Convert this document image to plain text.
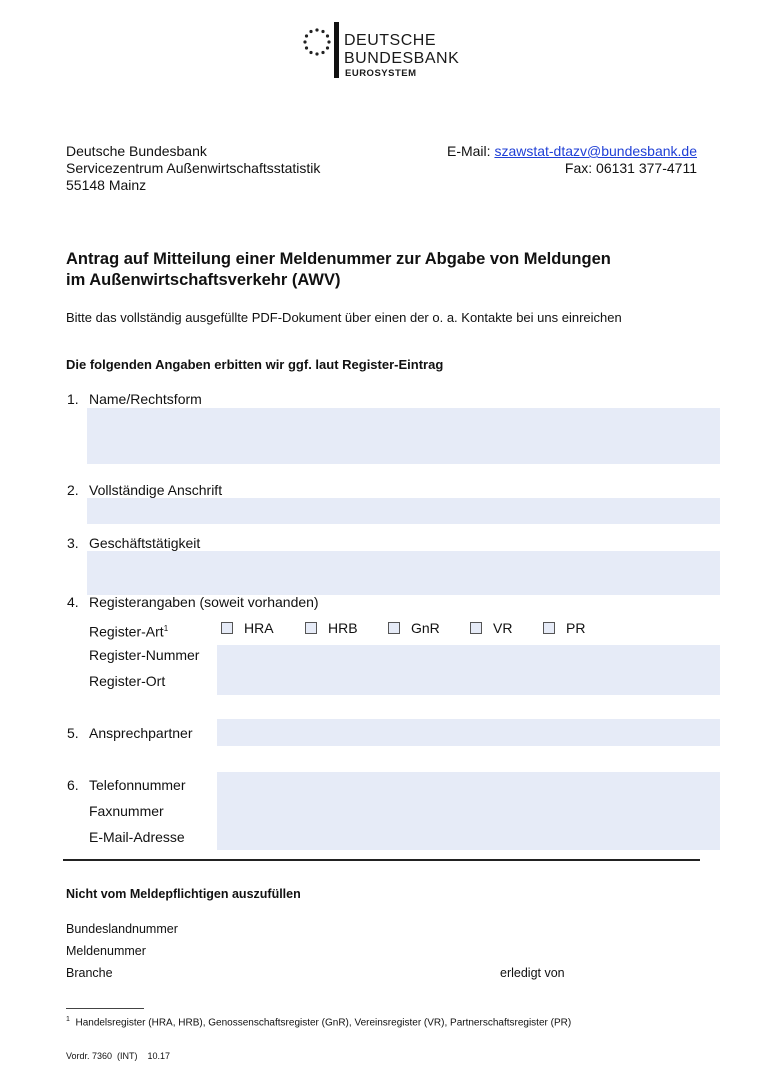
DEUTSCHE
BUNDESBANK
EUROSYSTEM
Deutsche Bundesbank
Servicezentrum Außenwirtschaftsstatistik
55148 Mainz
E-Mail: szawstat-dtazv@bundesbank.de
Fax: 06131 377-4711
Antrag auf Mitteilung einer Meldenummer zur Abgabe von Meldungen
im Außenwirtschaftsverkehr (AWV)
Bitte das vollständig ausgefüllte PDF-Dokument über einen der o. a. Kontakte bei uns einreichen
Die folgenden Angaben erbitten wir ggf. laut Register-Eintrag
1. Name/Rechtsform
2. Vollständige Anschrift
3. Geschäftstätigkeit
4. Registerangaben (soweit vorhanden)
Register-Art$^1$	HRA	HRB	GnR	VR	PR
Register-Nummer
Register-Ort
5. Ansprechpartner
6. Telefonnummer
Faxnummer
E-Mail-Adresse
Nicht vom Meldepflichtigen auszufüllen
Bundeslandnummer
Meldenummer
Branche	erledigt von
$^1$ Handelsregister (HRA, HRB), Genossenschaftsregister (GnR), Vereinsregister (VR), Partnerschaftsregister (PR)
Vordr. 7360  (INT)    10.17
